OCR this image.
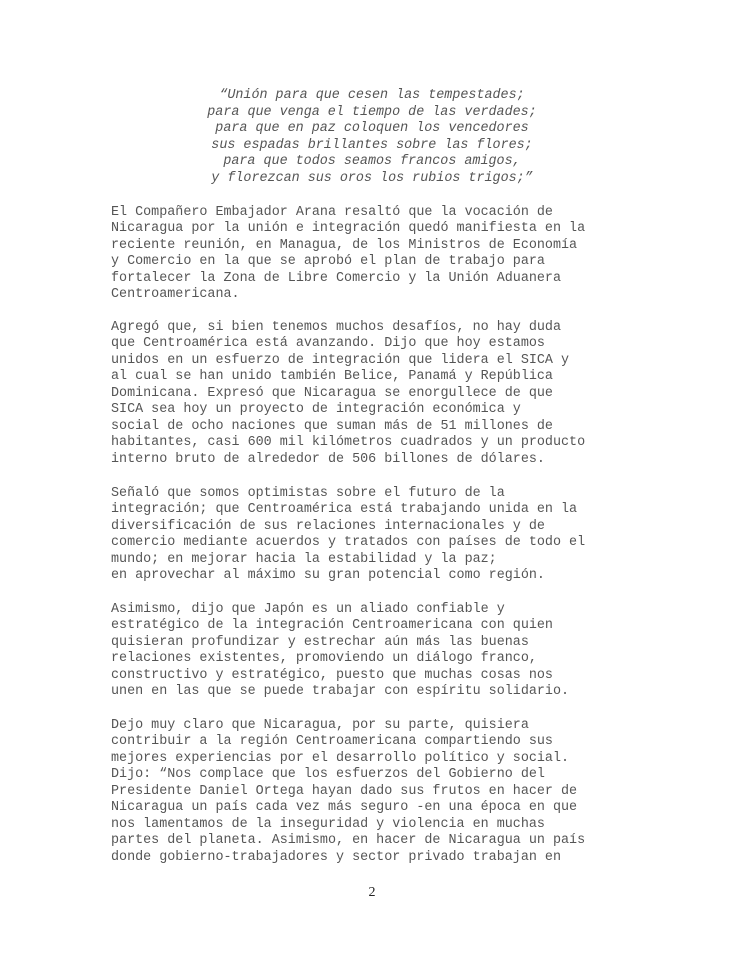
“Unión para que cesen las tempestades;
para que venga el tiempo de las verdades;
para que en paz coloquen los vencedores
sus espadas brillantes sobre las flores;
para que todos seamos francos amigos,
y florezcan sus oros los rubios trigos;”
El Compañero Embajador Arana resaltó que la vocación de
Nicaragua por la unión e integración quedó manifiesta en la
reciente reunión, en Managua, de los Ministros de Economía
y Comercio en la que se aprobó el plan de trabajo para
fortalecer la Zona de Libre Comercio y la Unión Aduanera
Centroamericana.
Agregó que, si bien tenemos muchos desafíos, no hay duda
que Centroamérica está avanzando. Dijo que hoy estamos
unidos en un esfuerzo de integración que lidera el SICA y
al cual se han unido también Belice, Panamá y República
Dominicana. Expresó que Nicaragua se enorgullece de que
SICA sea hoy un proyecto de integración económica y
social de ocho naciones que suman más de 51 millones de
habitantes, casi 600 mil kilómetros cuadrados y un producto
interno bruto de alrededor de 506 billones de dólares.
Señaló que somos optimistas sobre el futuro de la
integración; que Centroamérica está trabajando unida en la
diversificación de sus relaciones internacionales y de
comercio mediante acuerdos y tratados con países de todo el
mundo; en mejorar hacia la estabilidad y la paz;
en aprovechar al máximo su gran potencial como región.
Asimismo, dijo que Japón es un aliado confiable y
estratégico de la integración Centroamericana con quien
quisieran profundizar y estrechar aún más las buenas
relaciones existentes, promoviendo un diálogo franco,
constructivo y estratégico, puesto que muchas cosas nos
unen en las que se puede trabajar con espíritu solidario.
Dejo muy claro que Nicaragua, por su parte, quisiera
contribuir a la región Centroamericana compartiendo sus
mejores experiencias por el desarrollo político y social.
Dijo: “Nos complace que los esfuerzos del Gobierno del
Presidente Daniel Ortega hayan dado sus frutos en hacer de
Nicaragua un país cada vez más seguro -en una época en que
nos lamentamos de la inseguridad y violencia en muchas
partes del planeta. Asimismo, en hacer de Nicaragua un país
donde gobierno-trabajadores y sector privado trabajan en
2
